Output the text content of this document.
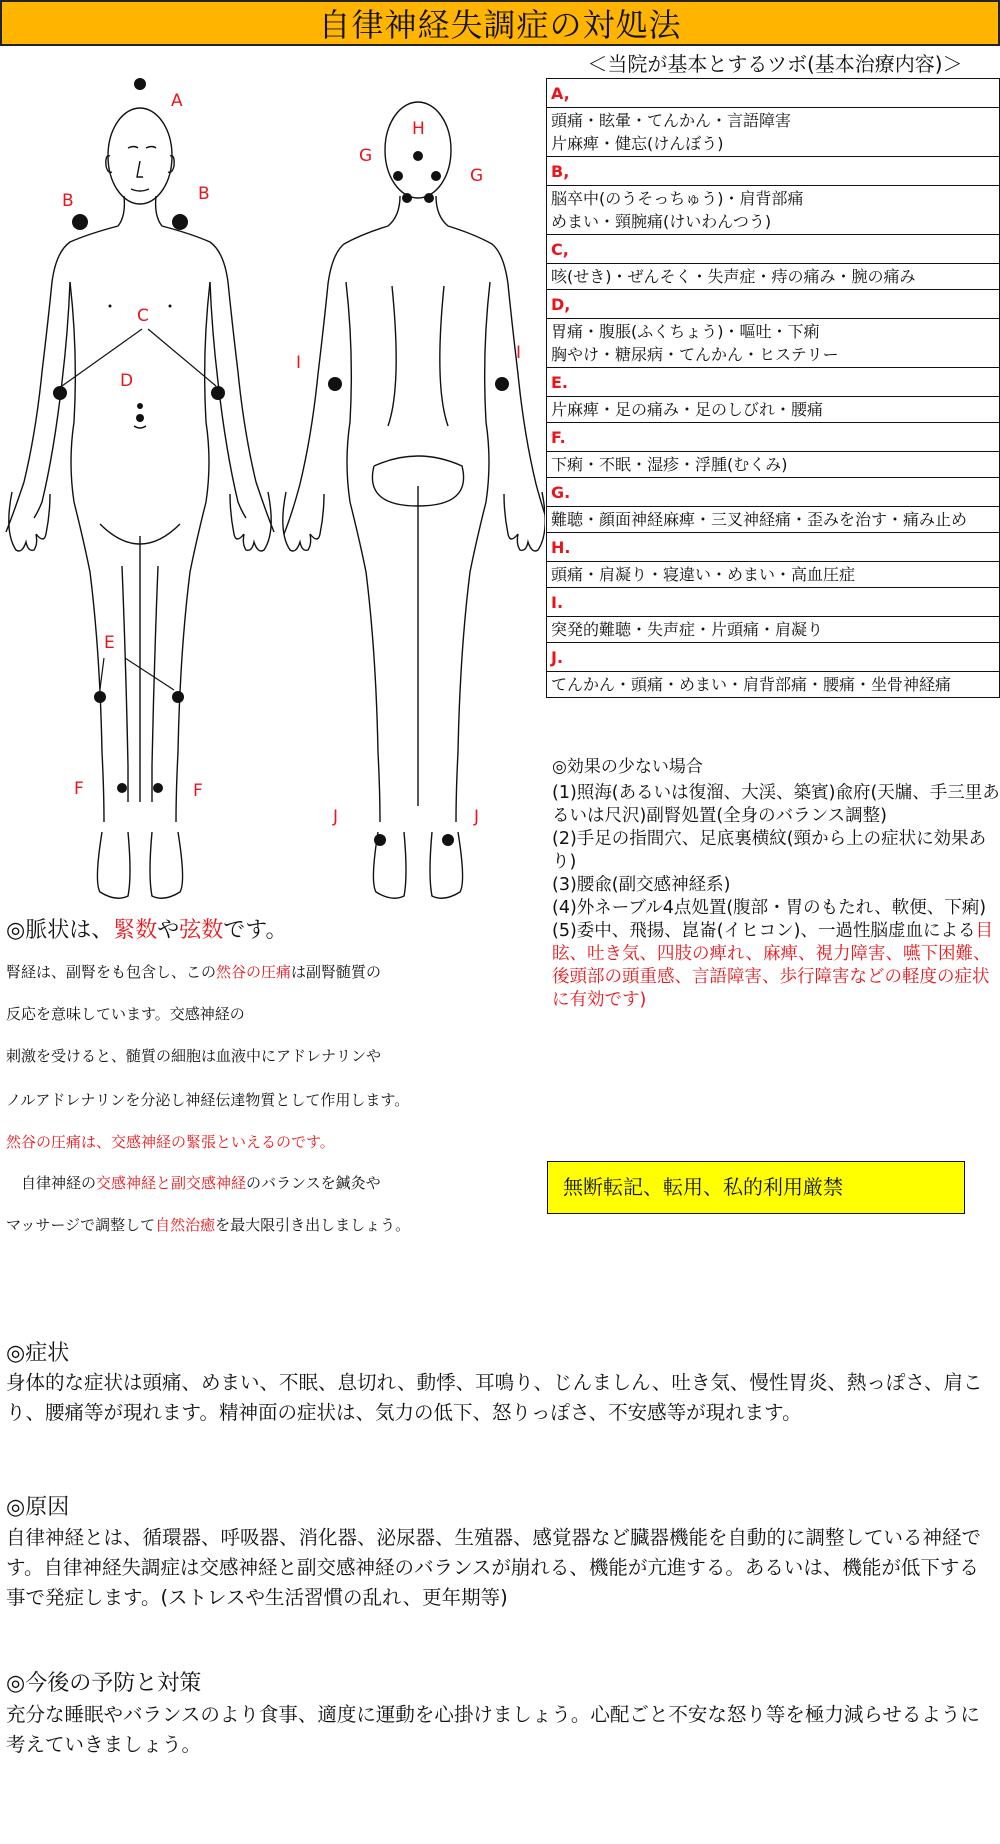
自律神経失調症の対処法
A
B	B
C
D
E
F	F
G
G
H
I	I
J	J
＜当院が基本とするツボ(基本治療内容)＞
A,
頭痛・眩暈・てんかん・言語障害
片麻痺・健忘(けんぼう)
B,
脳卒中(のうそっちゅう)・肩背部痛
めまい・頸腕痛(けいわんつう)
C,
咳(せき)・ぜんそく・失声症・痔の痛み・腕の痛み
D,
胃痛・腹脹(ふくちょう)・嘔吐・下痢
胸やけ・糖尿病・てんかん・ヒステリー
E.
片麻痺・足の痛み・足のしびれ・腰痛
F.
下痢・不眠・湿疹・浮腫(むくみ)
G.
難聴・顔面神経麻痺・三叉神経痛・歪みを治す・痛み止め
H.
頭痛・肩凝り・寝違い・めまい・高血圧症
I.
突発的難聴・失声症・片頭痛・肩凝り
J.
てんかん・頭痛・めまい・肩背部痛・腰痛・坐骨神経痛
◎脈状は、緊数や弦数です。
腎経は、副腎をも包含し、この然谷の圧痛は副腎髄質の
反応を意味しています。交感神経の
刺激を受けると、髄質の細胞は血液中にアドレナリンや
ノルアドレナリンを分泌し神経伝達物質として作用します。
然谷の圧痛は、交感神経の緊張といえるのです。
　自律神経の交感神経と副交感神経のバランスを鍼灸や
マッサージで調整して自然治癒を最大限引き出しましょう。
◎効果の少ない場合
(1)照海(あるいは復溜、大渓、築賓)兪府(天牖、手三里あるいは尺沢)副腎処置(全身のバランス調整)
(2)手足の指間穴、足底裏横紋(頸から上の症状に効果あり)
(3)腰兪(副交感神経系)
(4)外ネーブル4点処置(腹部・胃のもたれ、軟便、下痢)
(5)委中、飛揚、崑崙(イヒコン)、一過性脳虚血による目眩、吐き気、四肢の痺れ、麻痺、視力障害、嚥下困難、後頭部の頭重感、言語障害、歩行障害などの軽度の症状に有効です)
無断転記、転用、私的利用厳禁
◎症状
身体的な症状は頭痛、めまい、不眠、息切れ、動悸、耳鳴り、じんましん、吐き気、慢性胃炎、熱っぽさ、肩こり、腰痛等が現れます。精神面の症状は、気力の低下、怒りっぽさ、不安感等が現れます。
◎原因
自律神経とは、循環器、呼吸器、消化器、泌尿器、生殖器、感覚器など臓器機能を自動的に調整している神経です。自律神経失調症は交感神経と副交感神経のバランスが崩れる、機能が亢進する。あるいは、機能が低下する事で発症します。(ストレスや生活習慣の乱れ、更年期等)
◎今後の予防と対策
充分な睡眠やバランスのより食事、適度に運動を心掛けましょう。心配ごと不安な怒り等を極力減らせるように考えていきましょう。
